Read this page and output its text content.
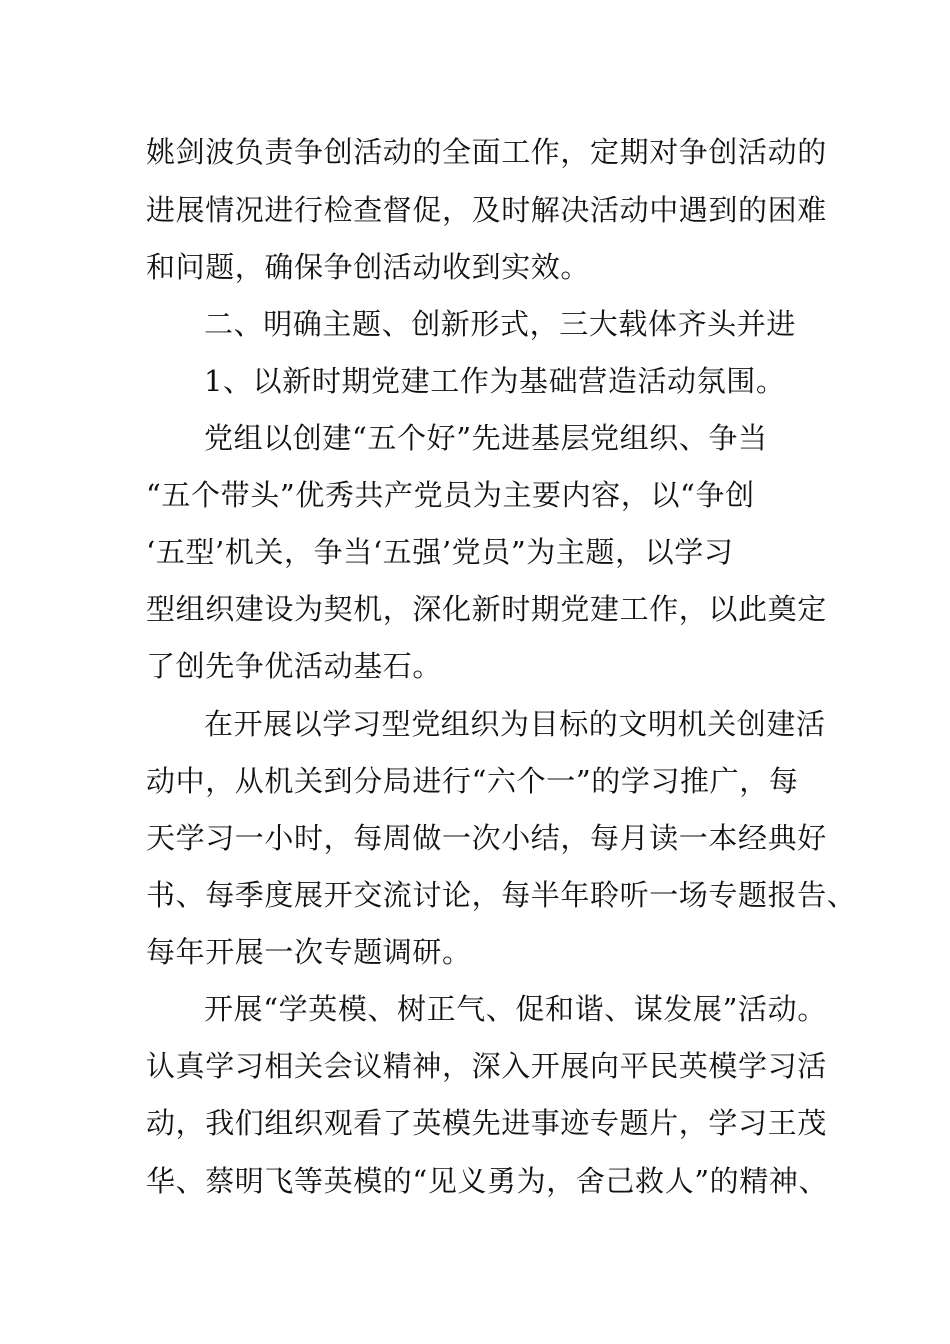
姚剑波负责争创活动的全面工作，定期对争创活动的
进展情况进行检查督促，及时解决活动中遇到的困难
和问题，确保争创活动收到实效。
二、明确主题、创新形式，三大载体齐头并进
1、以新时期党建工作为基础营造活动氛围。
党组以创建“五个好”先进基层党组织、争当
“五个带头”优秀共产党员为主要内容，以“争创
‘五型’机关，争当‘五强’党员”为主题，以学习
型组织建设为契机，深化新时期党建工作，以此奠定
了创先争优活动基石。
在开展以学习型党组织为目标的文明机关创建活
动中，从机关到分局进行“六个一”的学习推广，每
天学习一小时，每周做一次小结，每月读一本经典好
书、每季度展开交流讨论，每半年聆听一场专题报告、
每年开展一次专题调研。
开展“学英模、树正气、促和谐、谋发展”活动。
认真学习相关会议精神，深入开展向平民英模学习活
动，我们组织观看了英模先进事迹专题片，学习王茂
华、蔡明飞等英模的“见义勇为，舍己救人”的精神、
